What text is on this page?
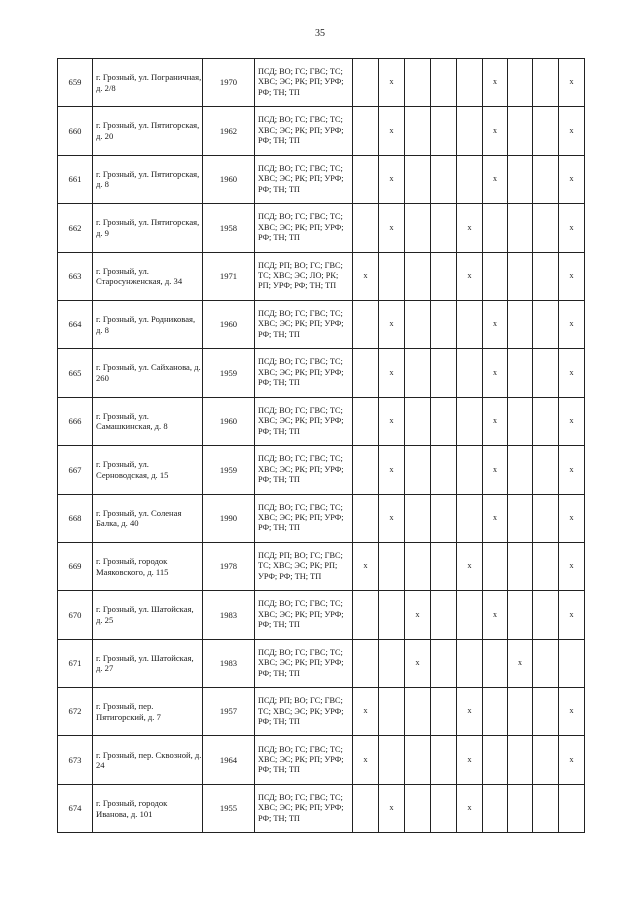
35
659	г. Грозный, ул. Пограничная, д. 2/8	1970	ПСД; ВО; ГС; ГВС; ТС; ХВС; ЭС; РК; РП; УРФ; РФ; ТН; ТП		х				х			х
660	г. Грозный, ул. Пятигорская, д. 20	1962	ПСД; ВО; ГС; ГВС; ТС; ХВС; ЭС; РК; РП; УРФ; РФ; ТН; ТП		х				х			х
661	г. Грозный, ул. Пятигорская, д. 8	1960	ПСД; ВО; ГС; ГВС; ТС; ХВС; ЭС; РК; РП; УРФ; РФ; ТН; ТП		х				х			х
662	г. Грозный, ул. Пятигорская, д. 9	1958	ПСД; ВО; ГС; ГВС; ТС; ХВС; ЭС; РК; РП; УРФ; РФ; ТН; ТП		х			х				х
663	г. Грозный, ул. Старосунженская, д. 34	1971	ПСД; РП; ВО; ГС; ГВС; ТС; ХВС; ЭС; ЛО; РК; РП; УРФ; РФ; ТН; ТП	х				х				х
664	г. Грозный, ул. Родниковая, д. 8	1960	ПСД; ВО; ГС; ГВС; ТС; ХВС; ЭС; РК; РП; УРФ; РФ; ТН; ТП		х				х			х
665	г. Грозный, ул. Сайханова, д. 260	1959	ПСД; ВО; ГС; ГВС; ТС; ХВС; ЭС; РК; РП; УРФ; РФ; ТН; ТП		х				х			х
666	г. Грозный, ул. Самашкинская, д. 8	1960	ПСД; ВО; ГС; ГВС; ТС; ХВС; ЭС; РК; РП; УРФ; РФ; ТН; ТП		х				х			х
667	г. Грозный, ул. Серноводская, д. 15	1959	ПСД; ВО; ГС; ГВС; ТС; ХВС; ЭС; РК; РП; УРФ; РФ; ТН; ТП		х				х			х
668	г. Грозный, ул. Соленая Балка, д. 40	1990	ПСД; ВО; ГС; ГВС; ТС; ХВС; ЭС; РК; РП; УРФ; РФ; ТН; ТП		х				х			х
669	г. Грозный, городок Маяковского, д. 115	1978	ПСД; РП; ВО; ГС; ГВС; ТС; ХВС; ЭС; РК; РП; УРФ; РФ; ТН; ТП	х				х				х
670	г. Грозный, ул. Шатойская, д. 25	1983	ПСД; ВО; ГС; ГВС; ТС; ХВС; ЭС; РК; РП; УРФ; РФ; ТН; ТП			х			х			х
671	г. Грозный, ул. Шатойская, д. 27	1983	ПСД; ВО; ГС; ГВС; ТС; ХВС; ЭС; РК; РП; УРФ; РФ; ТН; ТП			х				х		
672	г. Грозный, пер. Пятигорский, д. 7	1957	ПСД; РП; ВО; ГС; ГВС; ТС; ХВС; ЭС; РК; УРФ; РФ; ТН; ТП	х				х				х
673	г. Грозный, пер. Сквозной, д. 24	1964	ПСД; ВО; ГС; ГВС; ТС; ХВС; ЭС; РК; РП; УРФ; РФ; ТН; ТП	х				х				х
674	г. Грозный, городок Иванова, д. 101	1955	ПСД; ВО; ГС; ГВС; ТС; ХВС; ЭС; РК; РП; УРФ; РФ; ТН; ТП		х			х				
